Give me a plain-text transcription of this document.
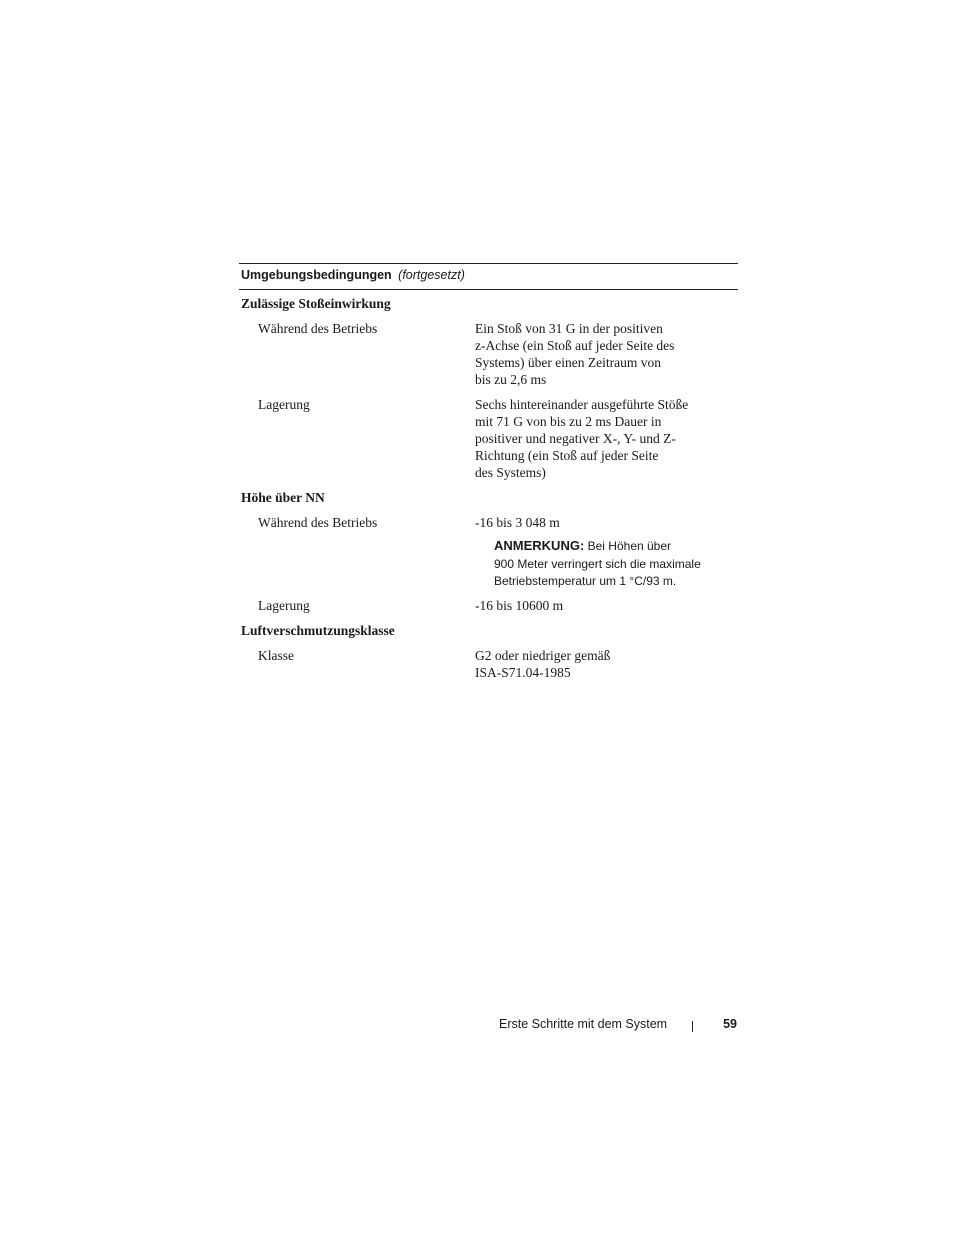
Umgebungsbedingungen (fortgesetzt)
Zulässige Stoßeinwirkung
Während des Betriebs	Ein Stoß von 31 G in der positiven
z-Achse (ein Stoß auf jeder Seite des
Systems) über einen Zeitraum von
bis zu 2,6 ms
Lagerung	Sechs hintereinander ausgeführte Stöße
mit 71 G von bis zu 2 ms Dauer in
positiver und negativer X-, Y- und Z-
Richtung (ein Stoß auf jeder Seite
des Systems)
Höhe über NN
Während des Betriebs	-16 bis 3 048 m
ANMERKUNG: Bei Höhen über
900 Meter verringert sich die maximale
Betriebstemperatur um 1 °C/93 m.
Lagerung	-16 bis 10600 m
Luftverschmutzungsklasse
Klasse	G2 oder niedriger gemäß
ISA-S71.04-1985
Erste Schritte mit dem System	59
